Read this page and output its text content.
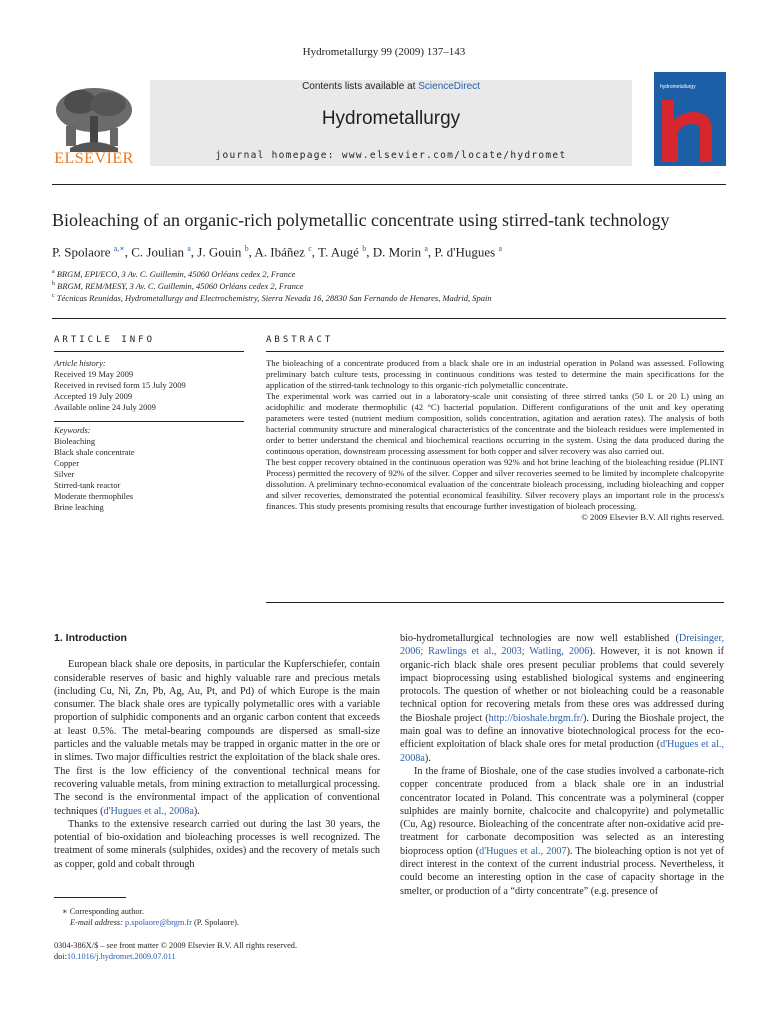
Hydrometallurgy 99 (2009) 137–143
ELSEVIER
Contents lists available at ScienceDirect
Hydrometallurgy
journal homepage: www.elsevier.com/locate/hydromet
hydrometallurgy
Bioleaching of an organic-rich polymetallic concentrate using stirred-tank technology
P. Spolaore $^{a,∗}$, C. Joulian $^a$, J. Gouin $^b$, A. Ibáñez $^c$, T. Augé $^b$, D. Morin $^a$, P. d'Hugues $^a$
$^a$ BRGM, EPI/ECO, 3 Av. C. Guillemin, 45060 Orléans cedex 2, France
$^b$ BRGM, REM/MESY, 3 Av. C. Guillemin, 45060 Orléans cedex 2, France
$^c$ Técnicas Reunidas, Hydrometallurgy and Electrochemistry, Sierra Nevada 16, 28830 San Fernando de Henares, Madrid, Spain
ARTICLE INFO	ABSTRACT
Article history:
Received 19 May 2009
Received in revised form 15 July 2009
Accepted 19 July 2009
Available online 24 July 2009
Keywords:
Bioleaching
Black shale concentrate
Copper
Silver
Stirred-tank reactor
Moderate thermophiles
Brine leaching

The bioleaching of a concentrate produced from a black shale ore in an industrial operation in Poland was assessed. Following preliminary batch culture tests, processing in continuous conditions was tested to determine the main specifications for the application of the stirred-tank technology to this organic-rich polymetallic concentrate.

The experimental work was carried out in a laboratory-scale unit consisting of three stirred tanks (50 L or 20 L) using an acidophilic and moderate thermophilic (42 °C) bacterial population. Different configurations of the unit and key operating parameters were tested (nutrient medium composition, solids concentration, agitation and aeration rates). The analysis of both bacterial community structure and mineralogical characteristics of the concentrate and the bioleach residues were implemented in order to better understand the chemical and biochemical reactions occurring in the system. Using the data produced during the continuous operation, downstream processing assessment for both copper and silver recovery was also carried out.

The best copper recovery obtained in the continuous operation was 92% and hot brine leaching of the bioleaching residue (PLINT Process) permitted the recovery of 92% of the silver. Copper and silver recoveries seemed to be limited by incomplete chalcopyrite dissolution. A preliminary techno-economical evaluation of the concentrate bioleach processing, including bioleaching and copper and silver recoveries, demonstrated the potential economical feasibility. Silver recovery plays an important role in the process's finances. This study presents promising results that encourage further investigation of bioleach processing.

© 2009 Elsevier B.V. All rights reserved.
1. Introduction

European black shale ore deposits, in particular the Kupferschiefer, contain considerable reserves of basic and highly valuable rare and precious metals (including Cu, Ni, Zn, Pb, Ag, Au, Pt, and Pd) of which Europe is the main consumer. The black shale ores are typically polymetallic ores with a variable proportion of sulphidic components and an organic carbon content that exceeds at least 0.5%. The metal-bearing compounds are dispersed as small-size particles and the valuable metals may be trapped in organic matter in the ore or in slimes. Two major difficulties restrict the exploitation of the black shale ores. The first is the low efficiency of the conventional technical means for recovering valuable metals, from mining extraction to metallurgical processing. The second is the environmental impact of the application of conventional techniques (d'Hugues et al., 2008a).

Thanks to the extensive research carried out during the last 30 years, the potential of bio-oxidation and bioleaching processes is well recognized. The treatment of some minerals (sulphides, oxides) and the recovery of metals such as copper, gold and cobalt through

bio-hydrometallurgical technologies are now well established (Dreisinger, 2006; Rawlings et al., 2003; Watling, 2006). However, it is not known if organic-rich black shale ores present peculiar problems that could severely impact bioprocessing using established biological systems and engineering protocols. The question of whether or not bioleaching could be a reasonable technical option for recovering metals from these ores was addressed during the Bioshale project (http://bioshale.brgm.fr/). During the Bioshale project, the main goal was to define an innovative biotechnological process for the eco-efficient exploitation of black shale ores for metal production (d'Hugues et al., 2008a).

In the frame of Bioshale, one of the case studies involved a carbonate-rich copper concentrate produced from a black shale ore in an industrial concentrator located in Poland. This concentrate was a polymineral (copper sulphides are mainly bornite, chalcocite and chalcopyrite) and polymetallic (Cu, Ag) resource. Bioleaching of the concentrate after non-oxidative acid pre-treatment for carbonate decomposition was selected as an interesting bioprocess option (d'Hugues et al., 2007). The bioleaching option is not yet of direct interest in the context of the current industrial process. Nevertheless, it could become an interesting option in the case of capacity shortage in the smelter, or production of a “dirty concentrate” (e.g. presence of

∗ Corresponding author.
E-mail address: p.spolaore@brgm.fr (P. Spolaore).
0304-386X/$ – see front matter © 2009 Elsevier B.V. All rights reserved.
doi:10.1016/j.hydromet.2009.07.011
